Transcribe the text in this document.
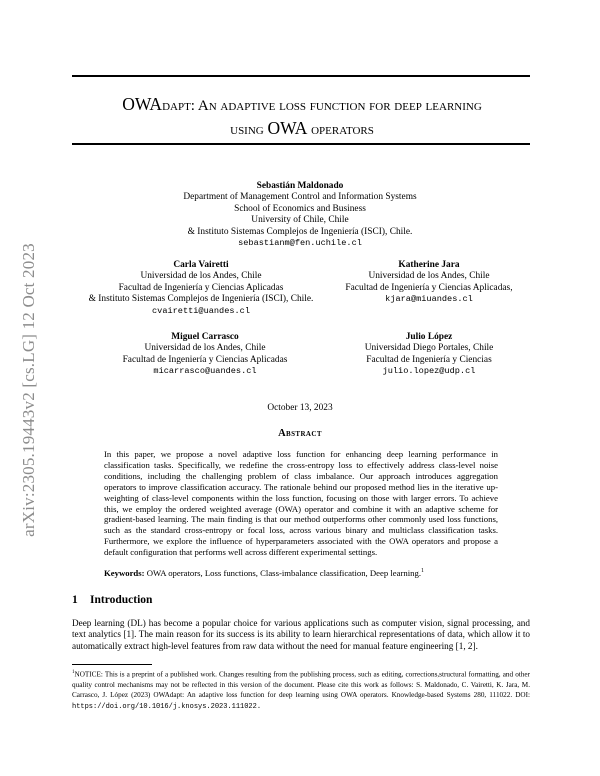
arXiv:2305.19443v2 [cs.LG] 12 Oct 2023
OWAdapt: An adaptive loss function for deep learning
using OWA operators
Sebastián Maldonado
Department of Management Control and Information Systems
School of Economics and Business
University of Chile, Chile
& Instituto Sistemas Complejos de Ingeniería (ISCI), Chile.
sebastianm@fen.uchile.cl
Carla Vairetti
Universidad de los Andes, Chile
Facultad de Ingeniería y Ciencias Aplicadas
& Instituto Sistemas Complejos de Ingeniería (ISCI), Chile.
cvairetti@uandes.cl
Katherine Jara
Universidad de los Andes, Chile
Facultad de Ingeniería y Ciencias Aplicadas,
kjara@miuandes.cl
Miguel Carrasco
Universidad de los Andes, Chile
Facultad de Ingeniería y Ciencias Aplicadas
micarrasco@uandes.cl
Julio López
Universidad Diego Portales, Chile
Facultad de Ingeniería y Ciencias
julio.lopez@udp.cl
October 13, 2023
Abstract
In this paper, we propose a novel adaptive loss function for enhancing deep learning performance in classification tasks. Specifically, we redefine the cross-entropy loss to effectively address class-level noise conditions, including the challenging problem of class imbalance. Our approach introduces aggregation operators to improve classification accuracy. The rationale behind our proposed method lies in the iterative up-weighting of class-level components within the loss function, focusing on those with larger errors. To achieve this, we employ the ordered weighted average (OWA) operator and combine it with an adaptive scheme for gradient-based learning. The main finding is that our method outperforms other commonly used loss functions, such as the standard cross-entropy or focal loss, across various binary and multiclass classification tasks. Furthermore, we explore the influence of hyperparameters associated with the OWA operators and propose a default configuration that performs well across different experimental settings.
Keywords: OWA operators, Loss functions, Class-imbalance classification, Deep learning.$^1$
1 Introduction
Deep learning (DL) has become a popular choice for various applications such as computer vision, signal processing, and text analytics [1]. The main reason for its success is its ability to learn hierarchical representations of data, which allow it to automatically extract high-level features from raw data without the need for manual feature engineering [1, 2].
$^1$NOTICE: This is a preprint of a published work. Changes resulting from the publishing process, such as editing, corrections,structural formatting, and other quality control mechanisms may not be reflected in this version of the document. Please cite this work as follows: S. Maldonado, C. Vairetti, K. Jara, M. Carrasco, J. López (2023) OWAdapt: An adaptive loss function for deep learning using OWA operators. Knowledge-based Systems 280, 111022. DOI: https://doi.org/10.1016/j.knosys.2023.111022.
